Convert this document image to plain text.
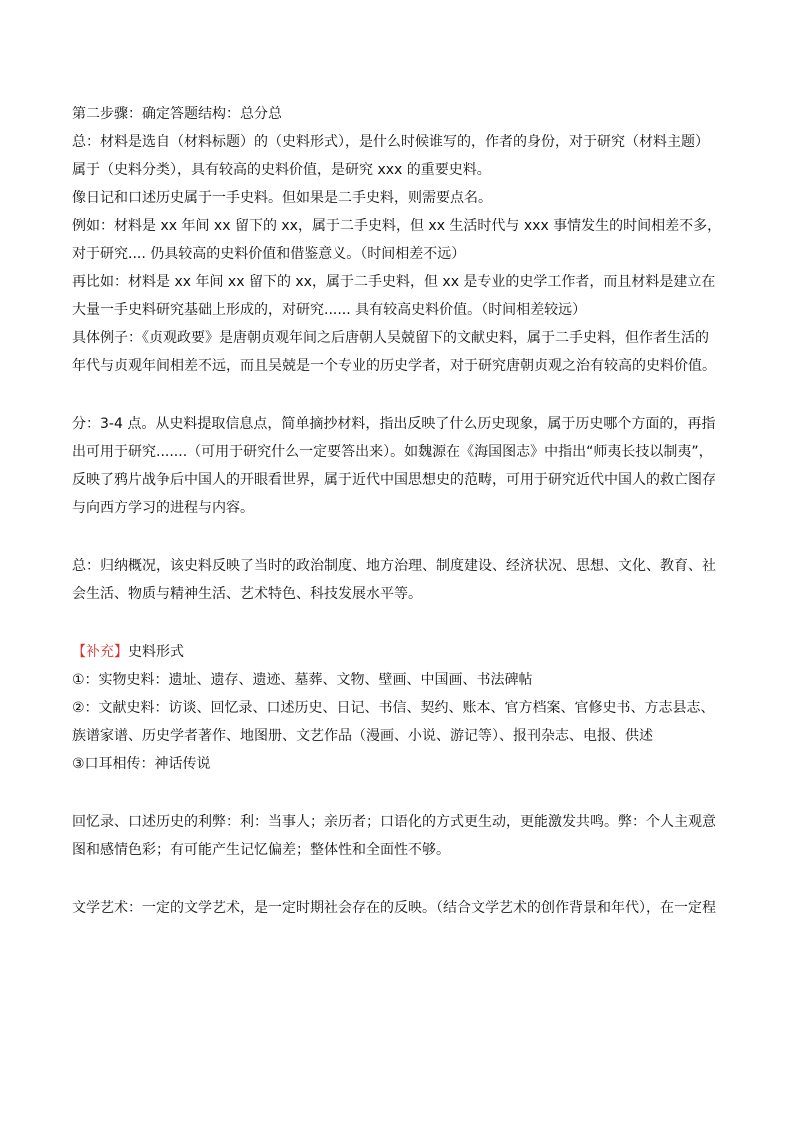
第二步骤：确定答题结构：总分总

总：材料是选自（材料标题）的（史料形式），是什么时候谁写的，作者的身份，对于研究（材料主题）属于（史料分类），具有较高的史料价值，是研究 xxx 的重要史料。

像日记和口述历史属于一手史料。但如果是二手史料，则需要点名。

例如：材料是 xx 年间 xx 留下的 xx，属于二手史料，但 xx 生活时代与 xxx 事情发生的时间相差不多，对于研究.... 仍具较高的史料价值和借鉴意义。（时间相差不远）

再比如：材料是 xx 年间 xx 留下的 xx，属于二手史料，但 xx 是专业的史学工作者，而且材料是建立在大量一手史料研究基础上形成的，对研究...... 具有较高史料价值。（时间相差较远）

具体例子：《贞观政要》是唐朝贞观年间之后唐朝人吴兢留下的文献史料，属于二手史料，但作者生活的年代与贞观年间相差不远，而且吴兢是一个专业的历史学者，对于研究唐朝贞观之治有较高的史料价值。

分：3-4 点。从史料提取信息点，简单摘抄材料，指出反映了什么历史现象，属于历史哪个方面的，再指出可用于研究.......（可用于研究什么一定要答出来）。如魏源在《海国图志》中指出“师夷长技以制夷”，反映了鸦片战争后中国人的开眼看世界，属于近代中国思想史的范畴，可用于研究近代中国人的救亡图存与向西方学习的进程与内容。

总：归纳概况，该史料反映了当时的政治制度、地方治理、制度建设、经济状况、思想、文化、教育、社会生活、物质与精神生活、艺术特色、科技发展水平等。

【补充】史料形式

①：实物史料：遗址、遗存、遗迹、墓葬、文物、壁画、中国画、书法碑帖

②：文献史料：访谈、回忆录、口述历史、日记、书信、契约、账本、官方档案、官修史书、方志县志、族谱家谱、历史学者著作、地图册、文艺作品（漫画、小说、游记等）、报刊杂志、电报、供述

③口耳相传：神话传说

回忆录、口述历史的利弊：利：当事人；亲历者；口语化的方式更生动，更能激发共鸣。弊：个人主观意图和感情色彩；有可能产生记忆偏差；整体性和全面性不够。

文学艺术：一定的文学艺术，是一定时期社会存在的反映。（结合文学艺术的创作背景和年代），在一定程
